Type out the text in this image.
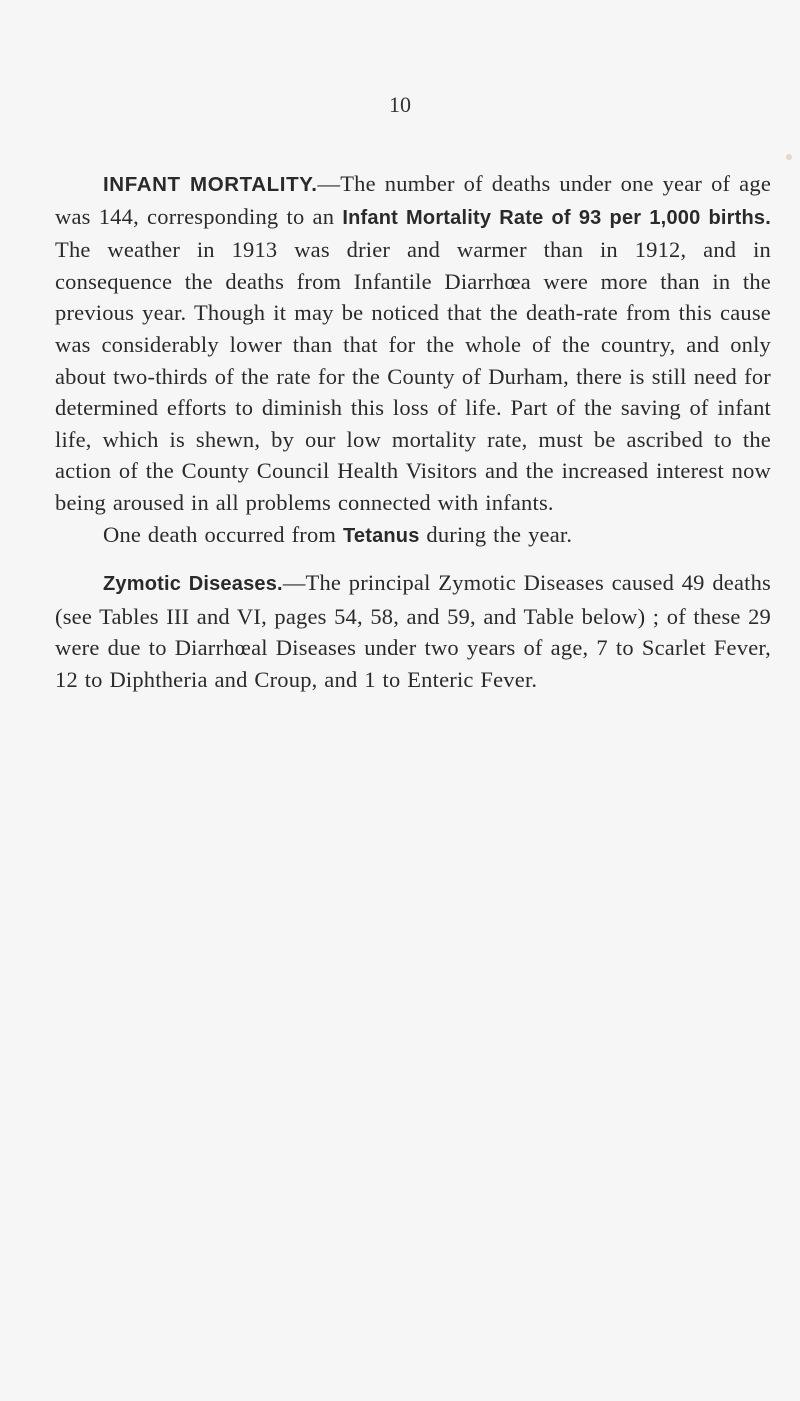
10

INFANT MORTALITY.—The number of deaths under one year of age was 144, corresponding to an Infant Mortality Rate of 93 per 1,000 births. The weather in 1913 was drier and warmer than in 1912, and in consequence the deaths from Infantile Diarrhœa were more than in the previous year. Though it may be noticed that the death-rate from this cause was considerably lower than that for the whole of the country, and only about two-thirds of the rate for the County of Durham, there is still need for determined efforts to diminish this loss of life. Part of the saving of infant life, which is shewn, by our low mortality rate, must be ascribed to the action of the County Council Health Visitors and the increased interest now being aroused in all problems connected with infants.

One death occurred from Tetanus during the year.

Zymotic Diseases.—The principal Zymotic Diseases caused 49 deaths (see Tables III and VI, pages 54, 58, and 59, and Table below) ; of these 29 were due to Diarrhœal Diseases under two years of age, 7 to Scarlet Fever, 12 to Diphtheria and Croup, and 1 to Enteric Fever.
